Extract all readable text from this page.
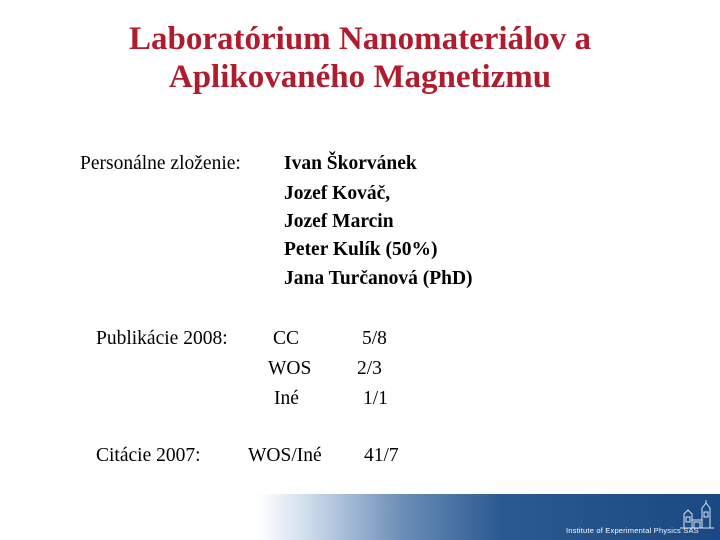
Laboratórium Nanomateriálov a
Aplikovaného Magnetizmu
Personálne zloženie: Ivan Škorvánek
Jozef Kováč,
Jozef Marcin
Peter Kulík (50%)
Jana Turčanová (PhD)
Publikácie 2008: CC	5/8
WOS 2/3
Iné	1/1
Citácie 2007: WOS/Iné 41/7
Institute of Experimental Physics SAS
